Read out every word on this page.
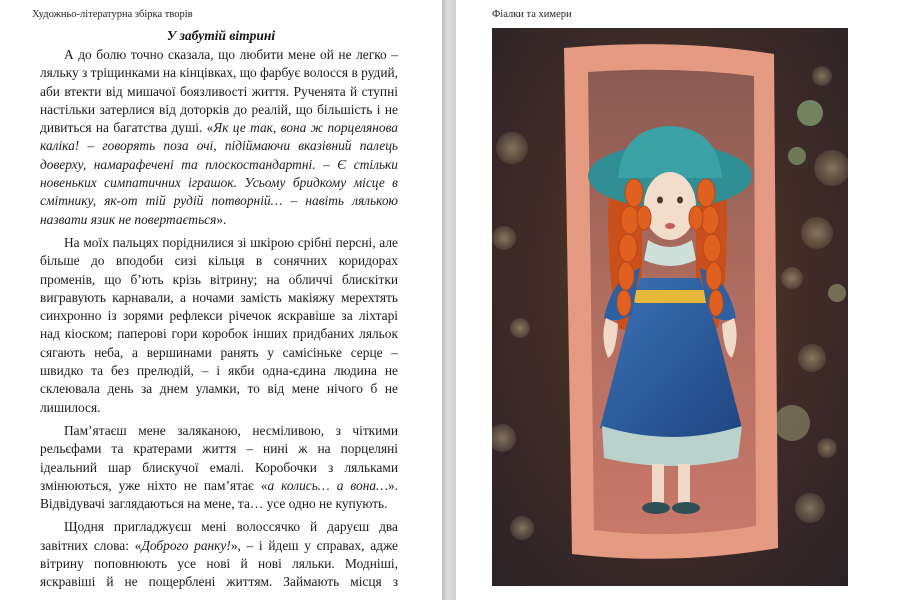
Художньо-літературна збірка творів
У забутій вітрині

А до болю точно сказала, що любити мене ой не легко – ляльку з тріщинками на кінцівках, що фарбує волосся в рудий, аби втекти від мишачої боязливості життя. Рученята й ступні настільки затерлися від доторків до реалій, що більшість і не дивиться на багатства душі. «Як це так, вона ж порцелянова каліка! – говорять поза очі, підіймаючи вказівний палець доверху, намарафечені та плоскостандартні. – Є стільки новеньких симпатичних іграшок. Усьому бридкому місце в смітнику, як-от тій рудій потворній… – навіть лялькою назвати язик не повертається».

На моїх пальцях поріднилися зі шкірою срібні персні, але більше до вподоби сизі кільця в сонячних коридорах променів, що б’ють крізь вітрину; на обличчі блискітки вигравують карнавали, а ночами замість макіяжу мерехтять синхронно із зорями рефлекси річечок яскравіше за ліхтарі над кіоском; паперові гори коробок інших придбаних ляльок сягають неба, а вершинами ранять у самісіньке серце – швидко та без прелюдій, – і якби одна-єдина людина не склеювала день за днем уламки, то від мене нічого б не лишилося.

Пам’ятаєш мене заляканою, несміливою, з чіткими рельєфами та кратерами життя – нині ж на порцеляні ідеальний шар блискучої емалі. Коробочки з ляльками змінюються, уже ніхто не пам’ятає «а колись… а вона…». Відвідувачі заглядаються на мене, та… усе одно не купують.

Щодня пригладжуєш мені волоссячко й даруєш два завітних слова: «Доброго ранку!», – і йдеш у справах, адже вітрину поповнюють усе нові й нові ляльки. Модніші, яскравіші й не пощерблені життям. Займають місця з

Фіалки та химери
